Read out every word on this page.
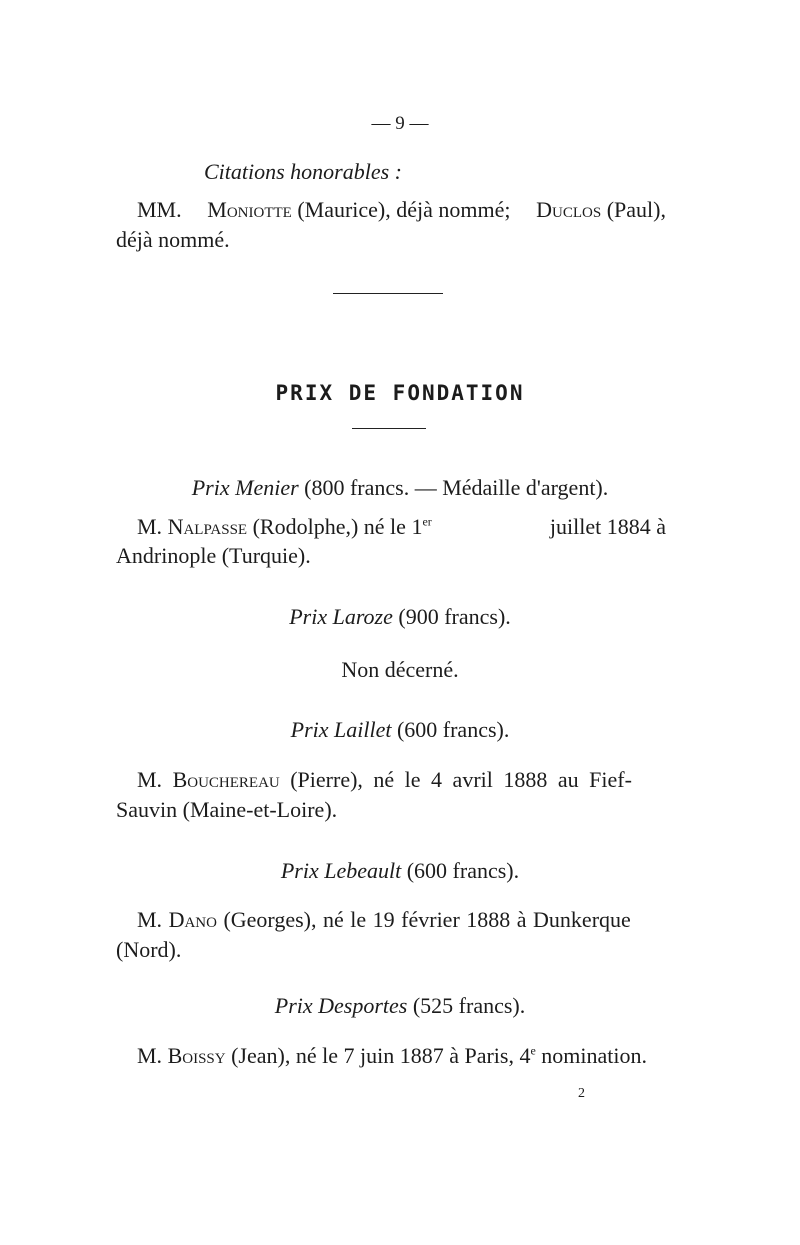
— 9 —
Citations honorables :
MM. Moniotte (Maurice), déjà nommé; Duclos (Paul),
déjà nommé.
PRIX DE FONDATION
Prix Menier (800 francs. — Médaille d'argent).
M. Nalpasse (Rodolphe,) né le 1er	juillet 1884 à
Andrinople (Turquie).
Prix Laroze (900 francs).
Non décerné.
Prix Laillet (600 francs).
M. Bouchereau (Pierre), né le 4 avril 1888 au Fief-
Sauvin (Maine-et-Loire).
Prix Lebeault (600 francs).
M. Dano (Georges), né le 19 février 1888 à Dunkerque
(Nord).
Prix Desportes (525 francs).
M. Boissy (Jean), né le 7 juin 1887 à Paris, 4e nomination.
2
